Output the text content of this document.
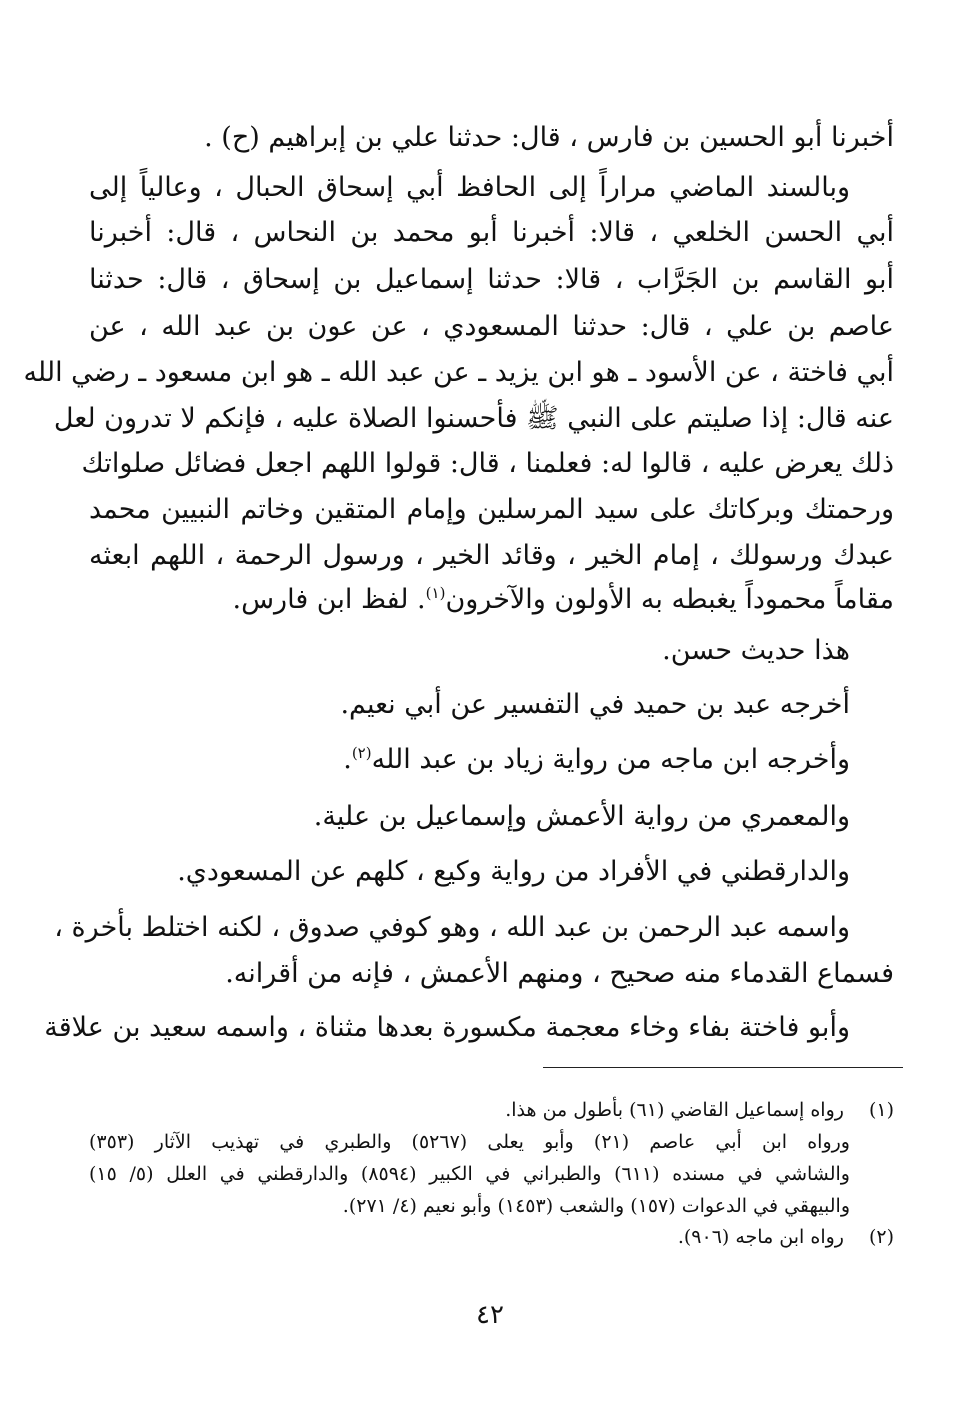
أخبرنا أبو الحسين بن فارس ، قال: حدثنا علي بن إبراهيم (ح) .
وبالسند الماضي مراراً إلى الحافظ أبي إسحاق الحبال ، وعالياً إلى
أبي الحسن الخلعي ، قالا: أخبرنا أبو محمد بن النحاس ، قال: أخبرنا
أبو القاسم بن الجَرَّاب ، قالا: حدثنا إسماعيل بن إسحاق ، قال: حدثنا
عاصم بن علي ، قال: حدثنا المسعودي ، عن عون بن عبد الله ، عن
أبي فاختة ، عن الأسود ـ هو ابن يزيد ـ عن عبد الله ـ هو ابن مسعود ـ رضي الله
عنه قال: إذا صليتم على النبي ﷺ فأحسنوا الصلاة عليه ، فإنكم لا تدرون لعل
ذلك يعرض عليه ، قالوا له: فعلمنا ، قال: قولوا اللهم اجعل فضائل صلواتك
ورحمتك وبركاتك على سيد المرسلين وإمام المتقين وخاتم النبيين محمد
عبدك ورسولك ، إمام الخير ، وقائد الخير ، ورسول الرحمة ، اللهم ابعثه
مقاماً محموداً يغبطه به الأولون والآخرون$^{(١)}$. لفظ ابن فارس.
هذا حديث حسن.
أخرجه عبد بن حميد في التفسير عن أبي نعيم.
وأخرجه ابن ماجه من رواية زياد بن عبد الله$^{(٢)}$.
والمعمري من رواية الأعمش وإسماعيل بن علية.
والدارقطني في الأفراد من رواية وكيع ، كلهم عن المسعودي.
واسمه عبد الرحمن بن عبد الله ، وهو كوفي صدوق ، لكنه اختلط بأخرة ،
فسماع القدماء منه صحيح ، ومنهم الأعمش ، فإنه من أقرانه.
وأبو فاختة بفاء وخاء معجمة مكسورة بعدها مثناة ، واسمه سعيد بن علاقة
(١) رواه إسماعيل القاضي (٦١) بأطول من هذا.
ورواه ابن أبي عاصم (٢١) وأبو يعلى (٥٢٦٧) والطبري في تهذيب الآثار (٣٥٣)
والشاشي في مسنده (٦١١) والطبراني في الكبير (٨٥٩٤) والدارقطني في العلل (٥/ ١٥)
والبيهقي في الدعوات (١٥٧) والشعب (١٤٥٣) وأبو نعيم (٤/ ٢٧١).
(٢) رواه ابن ماجه (٩٠٦).
٤٢
